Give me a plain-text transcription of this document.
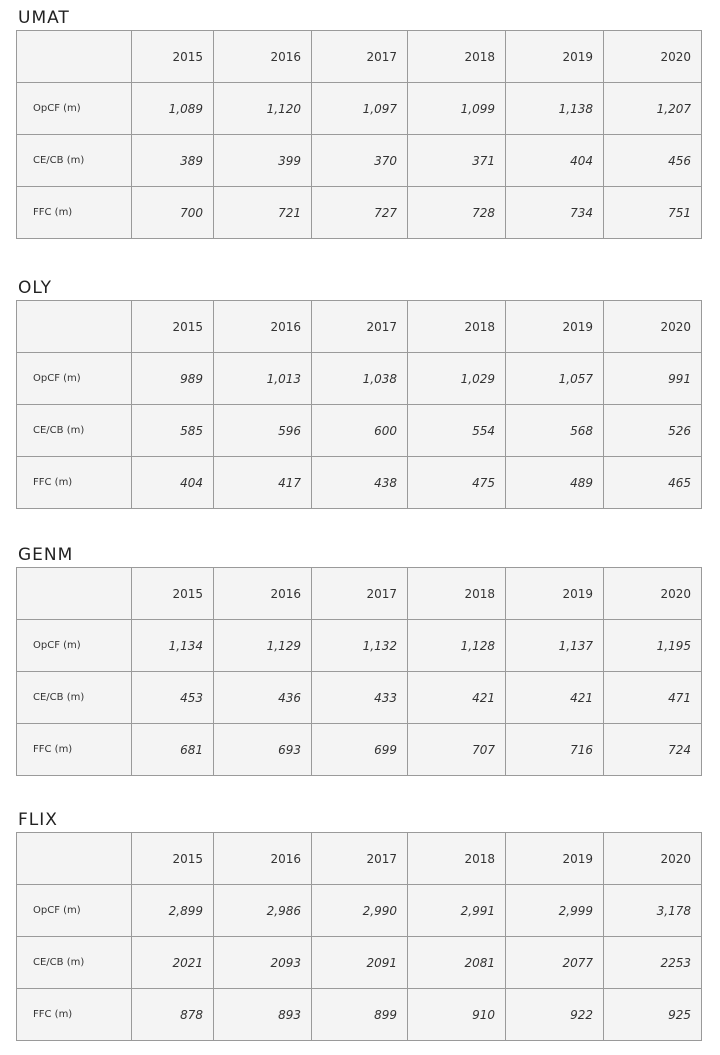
UMAT
	2015	2016	2017	2018	2019	2020
OpCF (m)	1,089	1,120	1,097	1,099	1,138	1,207
CE/CB (m)	389	399	370	371	404	456
FFC (m)	700	721	727	728	734	751
OLY
	2015	2016	2017	2018	2019	2020
OpCF (m)	989	1,013	1,038	1,029	1,057	991
CE/CB (m)	585	596	600	554	568	526
FFC (m)	404	417	438	475	489	465
GENM
	2015	2016	2017	2018	2019	2020
OpCF (m)	1,134	1,129	1,132	1,128	1,137	1,195
CE/CB (m)	453	436	433	421	421	471
FFC (m)	681	693	699	707	716	724
FLIX
	2015	2016	2017	2018	2019	2020
OpCF (m)	2,899	2,986	2,990	2,991	2,999	3,178
CE/CB (m)	2021	2093	2091	2081	2077	2253
FFC (m)	878	893	899	910	922	925
